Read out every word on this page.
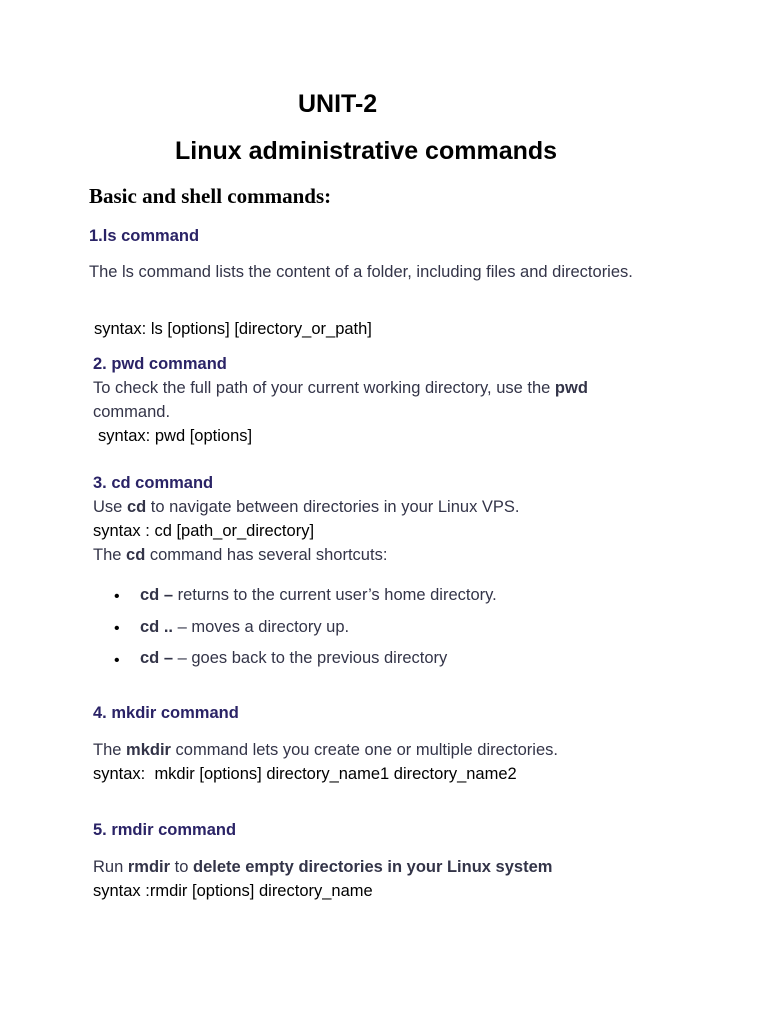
UNIT-2
Linux administrative commands
Basic and shell commands:
1.ls command
The ls command lists the content of a folder, including files and directories.
syntax: ls [options] [directory_or_path]
2. pwd command
To check the full path of your current working directory, use the pwd
command.
syntax: pwd [options]
3. cd command
Use cd to navigate between directories in your Linux VPS.
syntax : cd [path_or_directory]
The cd command has several shortcuts:
• cd – returns to the current user’s home directory.
• cd .. – moves a directory up.
• cd – – goes back to the previous directory
4. mkdir command
The mkdir command lets you create one or multiple directories.
syntax:  mkdir [options] directory_name1 directory_name2
5. rmdir command
Run rmdir to delete empty directories in your Linux system
syntax :rmdir [options] directory_name
